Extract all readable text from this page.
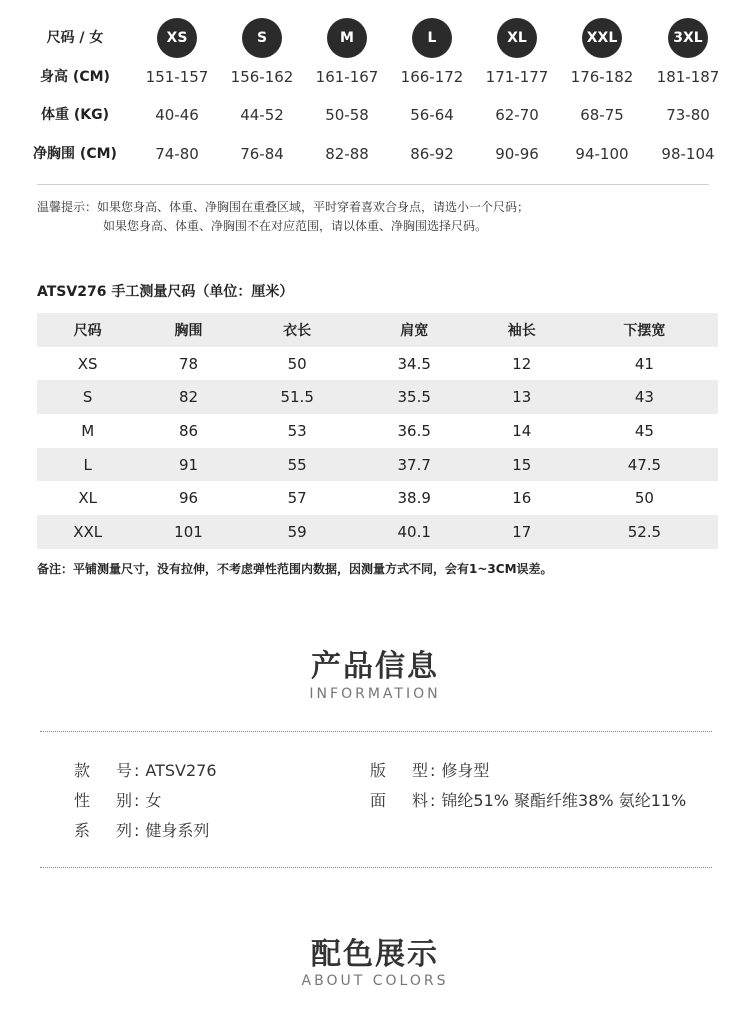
尺码 / 女	XS	S	M	L	XL	XXL	3XL
身高 (CM)	151-157	156-162	161-167	166-172	171-177	176-182	181-187
体重 (KG)	40-46	44-52	50-58	56-64	62-70	68-75	73-80
净胸围 (CM)	74-80	76-84	82-88	86-92	90-96	94-100	98-104
温馨提示：如果您身高、体重、净胸围在重叠区域，平时穿着喜欢合身点，请选小一个尺码；
如果您身高、体重、净胸围不在对应范围，请以体重、净胸围选择尺码。
ATSV276 手工测量尺码（单位：厘米）
尺码	胸围	衣长	肩宽	袖长	下摆宽
XS	78	50	34.5	12	41
S	82	51.5	35.5	13	43
M	86	53	36.5	14	45
L	91	55	37.7	15	47.5
XL	96	57	38.9	16	50
XXL	101	59	40.1	17	52.5
备注：平铺测量尺寸，没有拉伸，不考虑弹性范围内数据，因测量方式不同，会有1~3CM误差。
产品信息
INFORMATION
款号 : ATSV276	版型 : 修身型
性别 : 女	面料 : 锦纶51% 聚酯纤维38% 氨纶11%
系列 : 健身系列
配色展示
ABOUT COLORS
